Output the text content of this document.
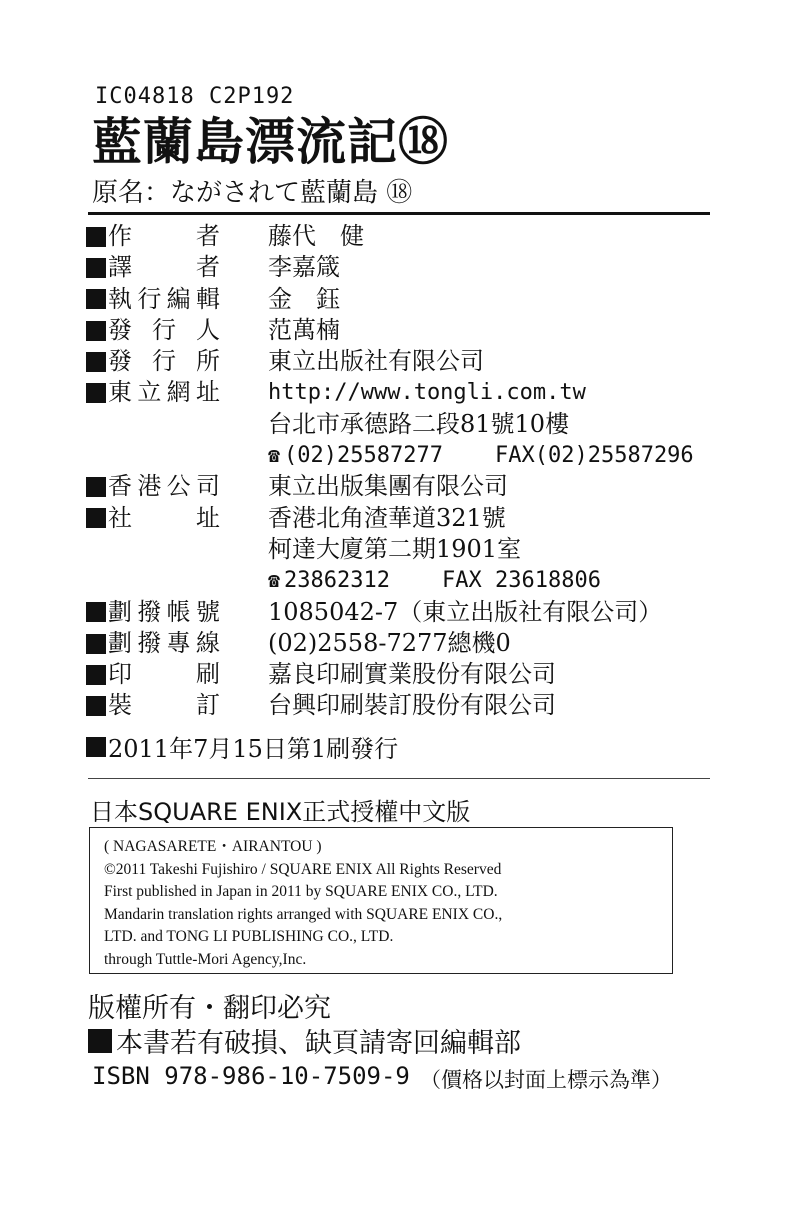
IC04818 C2P192
藍蘭島漂流記⑱
原名：ながされて藍蘭島 ⑱
作　者 藤代　健
譯　者 李嘉箴
執行編輯 金　鈺
發 行 人 范萬楠
發 行 所 東立出版社有限公司
東立網址 http://www.tongli.com.tw
台北市承德路二段81號10樓
☎ (02)25587277 FAX(02)25587296
香港公司 東立出版集團有限公司
社　址 香港北角渣華道321號
柯達大廈第二期1901室
☎ 23862312 FAX 23618806
劃撥帳號 1085042-7（東立出版社有限公司）
劃撥專線 (02)2558-7277總機0
印　刷 嘉良印刷實業股份有限公司
裝　訂 台興印刷裝訂股份有限公司
2011年7月15日第1刷發行
日本SQUARE ENIX正式授權中文版
( NAGASARETE・AIRANTOU )
©2011 Takeshi Fujishiro / SQUARE ENIX All Rights Reserved
First published in Japan in 2011 by SQUARE ENIX CO., LTD.
Mandarin translation rights arranged with SQUARE ENIX CO.,
LTD. and TONG LI PUBLISHING CO., LTD.
through Tuttle-Mori Agency,Inc.
版權所有・翻印必究
本書若有破損、缺頁請寄回編輯部
ISBN 978-986-10-7509-9 （價格以封面上標示為準）
